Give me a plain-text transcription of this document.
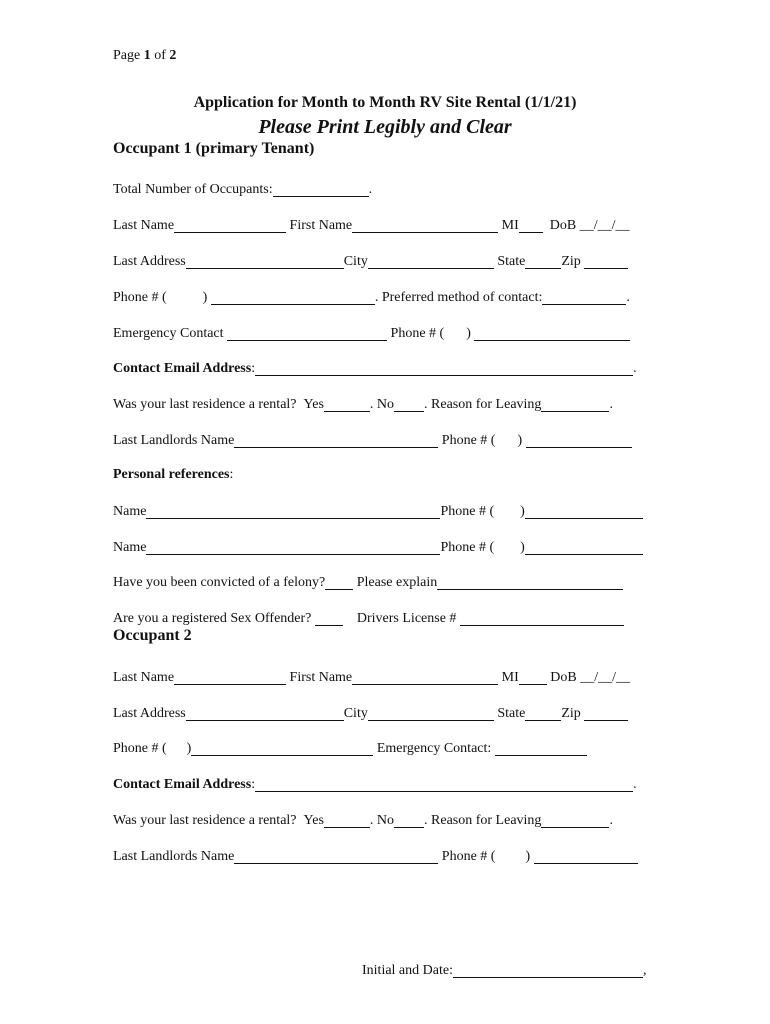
Page 1 of 2
Application for Month to Month RV Site Rental (1/1/21)
Please Print Legibly and Clear
Occupant 1 (primary Tenant)
Total Number of Occupants:	.
Last Name	First Name	MI DoB __/__/__
Last Address	City	State	Zip
Phone # (	)	. Preferred method of contact:	.
Emergency Contact	Phone # ( )
Contact Email Address:	.
Was your last residence a rental? Yes	. No . Reason for Leaving	.
Last Landlords Name	Phone # ( )
Personal references:
Name	Phone # ( )
Name	Phone # ( )
Have you been convicted of a felony? Please explain
Are you a registered Sex Offender?	Drivers License #
Occupant 2
Last Name	First Name	MI DoB __/__/__
Last Address	City	State	Zip
Phone # ( )	Emergency Contact:
Contact Email Address:	.
Was your last residence a rental? Yes	. No . Reason for Leaving	.
Last Landlords Name	Phone # ( )
Initial and Date:	,
